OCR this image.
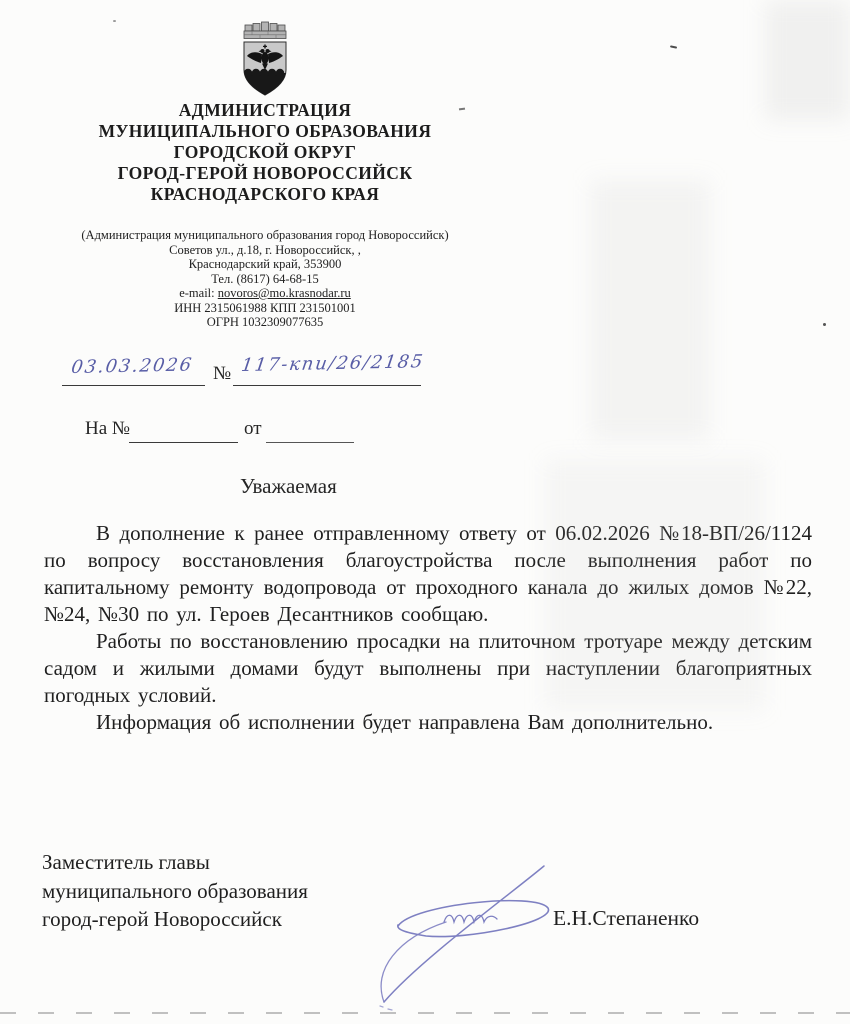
АДМИНИСТРАЦИЯ
МУНИЦИПАЛЬНОГО ОБРАЗОВАНИЯ
ГОРОДСКОЙ ОКРУГ
ГОРОД-ГЕРОЙ НОВОРОССИЙСК
КРАСНОДАРСКОГО КРАЯ
(Администрация муниципального образования город Новороссийск)
Советов ул., д.18, г. Новороссийск, ,
Краснодарский край, 353900
Тел. (8617) 64-68-15
e-mail: novoros@mo.krasnodar.ru
ИНН 2315061988 КПП 231501001
ОГРН 1032309077635
03.03.2026 № 117-кпи/26/2185
На №	от
Уважаемая

В дополнение к ранее отправленному ответу от 06.02.2026 №18-ВП/26/1124 по вопросу восстановления благоустройства после выполнения работ по капитальному ремонту водопровода от проходного канала до жилых домов №22, №24, №30 по ул. Героев Десантников сообщаю.

Работы по восстановлению просадки на плиточном тротуаре между детским садом и жилыми домами будут выполнены при наступлении благоприятных погодных условий.

Информация об исполнении будет направлена Вам дополнительно.

Заместитель главы
муниципального образования
город-герой Новороссийск	Е.Н.Степаненко
